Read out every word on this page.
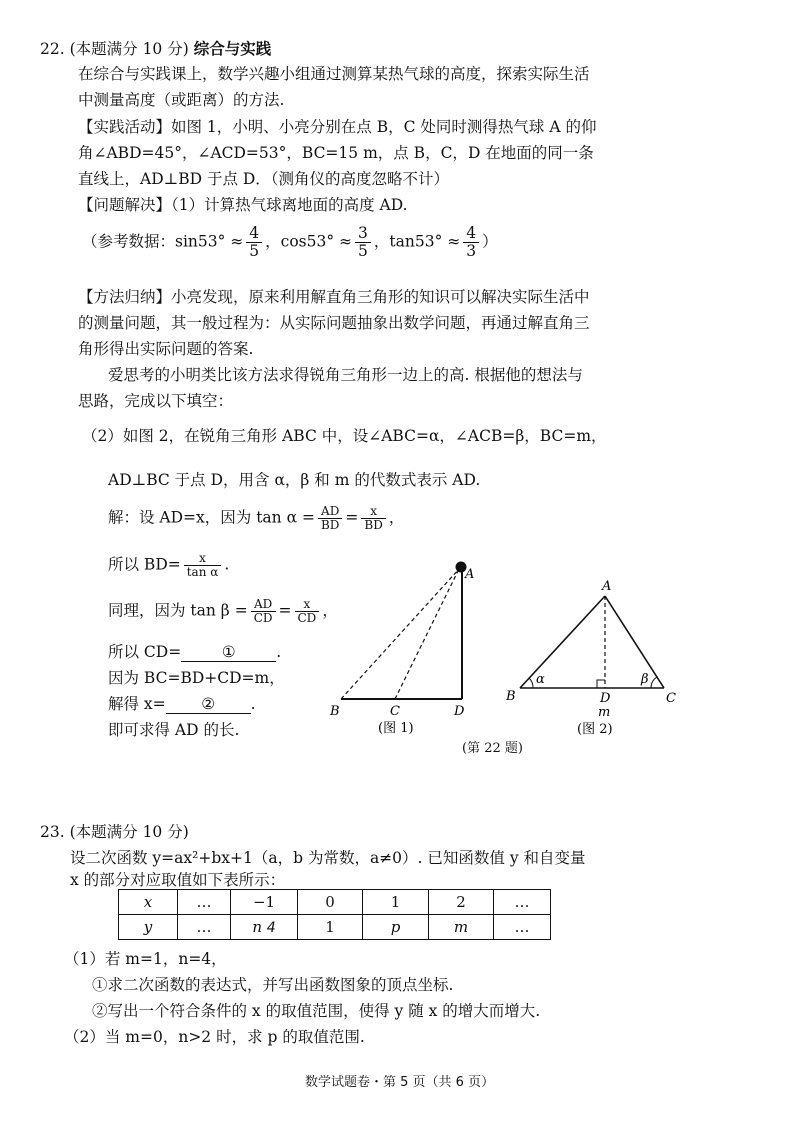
22. (本题满分 10 分) 综合与实践
在综合与实践课上，数学兴趣小组通过测算某热气球的高度，探索实际生活
中测量高度（或距离）的方法.
【实践活动】如图 1，小明、小亮分别在点 B，C 处同时测得热气球 A 的仰
角∠ABD=45°，∠ACD=53°，BC=15 m，点 B，C，D 在地面的同一条
直线上，AD⊥BD 于点 D．（测角仪的高度忽略不计）
【问题解决】（1）计算热气球离地面的高度 AD.
（参考数据：$\sin 53^\circ \approx \frac{4}{5}$ ，$\cos 53^\circ \approx \frac{3}{5}$ ，$\tan 53^\circ \approx \frac{4}{3}$ ）
【方法归纳】小亮发现，原来利用解直角三角形的知识可以解决实际生活中
的测量问题，其一般过程为：从实际问题抽象出数学问题，再通过解直角三
角形得出实际问题的答案.
爱思考的小明类比该方法求得锐角三角形一边上的高. 根据他的想法与
思路，完成以下填空：
（2）如图 2，在锐角三角形 ABC 中，设∠ABC=α，∠ACB=β，BC=m，
AD⊥BC 于点 D，用含 α，β 和 m 的代数式表示 AD.
解：设 AD=x，因为 $\tan \alpha = \frac{AD}{BD} = \frac{x}{BD}$ ，
所以 $BD= \frac{x}{\text{tan α}}$ .
同理，因为 $\tan \beta = \frac{AD}{CD} = \frac{x}{CD}$ ，
所以 CD=	①	.
因为 BC=BD+CD=m，
解得 x= ② .
即可求得 AD 的长.
A
B	C	D
(图 1)
A
B	C
D
m
α	β
(图 2)
(第 22 题)
23. (本题满分 10 分)
设二次函数 y=ax²+bx+1（a，b 为常数，a≠0）. 已知函数值 y 和自变量
x 的部分对应取值如下表所示：
x	…	−1	0	1	2	…
y	…	n 4	1	p	m	…
（1）若 m=1，n=4，
①求二次函数的表达式，并写出函数图象的顶点坐标.
②写出一个符合条件的 x 的取值范围，使得 y 随 x 的增大而增大.
（2）当 m=0，n>2 时，求 p 的取值范围.
数学试题卷・第 5 页（共 6 页）
